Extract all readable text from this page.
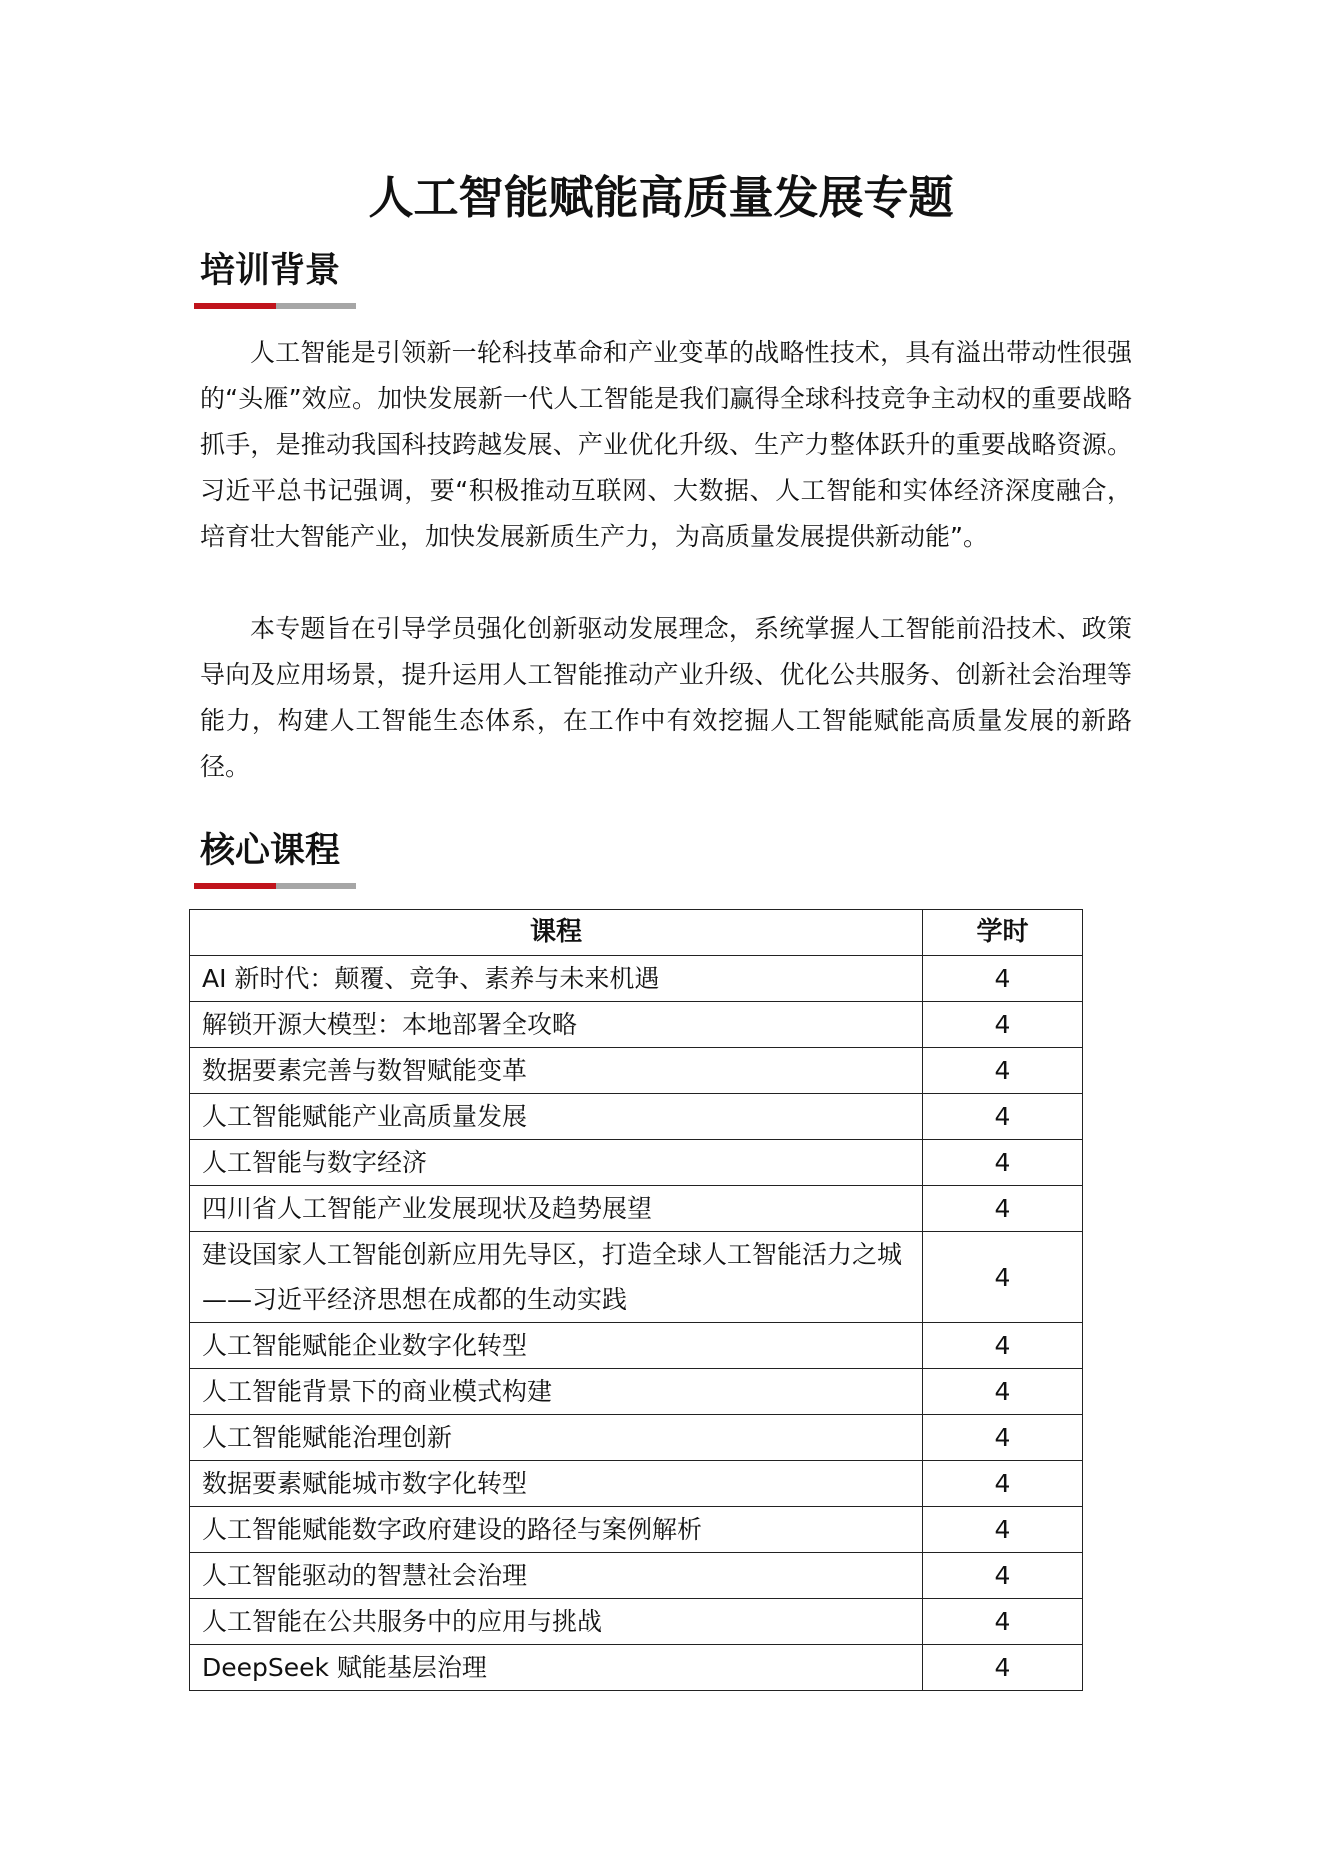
人工智能赋能高质量发展专题
培训背景

人工智能是引领新一轮科技革命和产业变革的战略性技术，具有溢出带动性很强的“头雁”效应。加快发展新一代人工智能是我们赢得全球科技竞争主动权的重要战略抓手，是推动我国科技跨越发展、产业优化升级、生产力整体跃升的重要战略资源。习近平总书记强调，要“积极推动互联网、大数据、人工智能和实体经济深度融合，培育壮大智能产业，加快发展新质生产力，为高质量发展提供新动能”。

本专题旨在引导学员强化创新驱动发展理念，系统掌握人工智能前沿技术、政策导向及应用场景，提升运用人工智能推动产业升级、优化公共服务、创新社会治理等能力，构建人工智能生态体系，在工作中有效挖掘人工智能赋能高质量发展的新路径。

核心课程
课程	学时
AI 新时代：颠覆、竞争、素养与未来机遇	4
解锁开源大模型：本地部署全攻略	4
数据要素完善与数智赋能变革	4
人工智能赋能产业高质量发展	4
人工智能与数字经济	4
四川省人工智能产业发展现状及趋势展望	4
建设国家人工智能创新应用先导区，打造全球人工智能活力之城——习近平经济思想在成都的生动实践	4
人工智能赋能企业数字化转型	4
人工智能背景下的商业模式构建	4
人工智能赋能治理创新	4
数据要素赋能城市数字化转型	4
人工智能赋能数字政府建设的路径与案例解析	4
人工智能驱动的智慧社会治理	4
人工智能在公共服务中的应用与挑战	4
DeepSeek 赋能基层治理	4
